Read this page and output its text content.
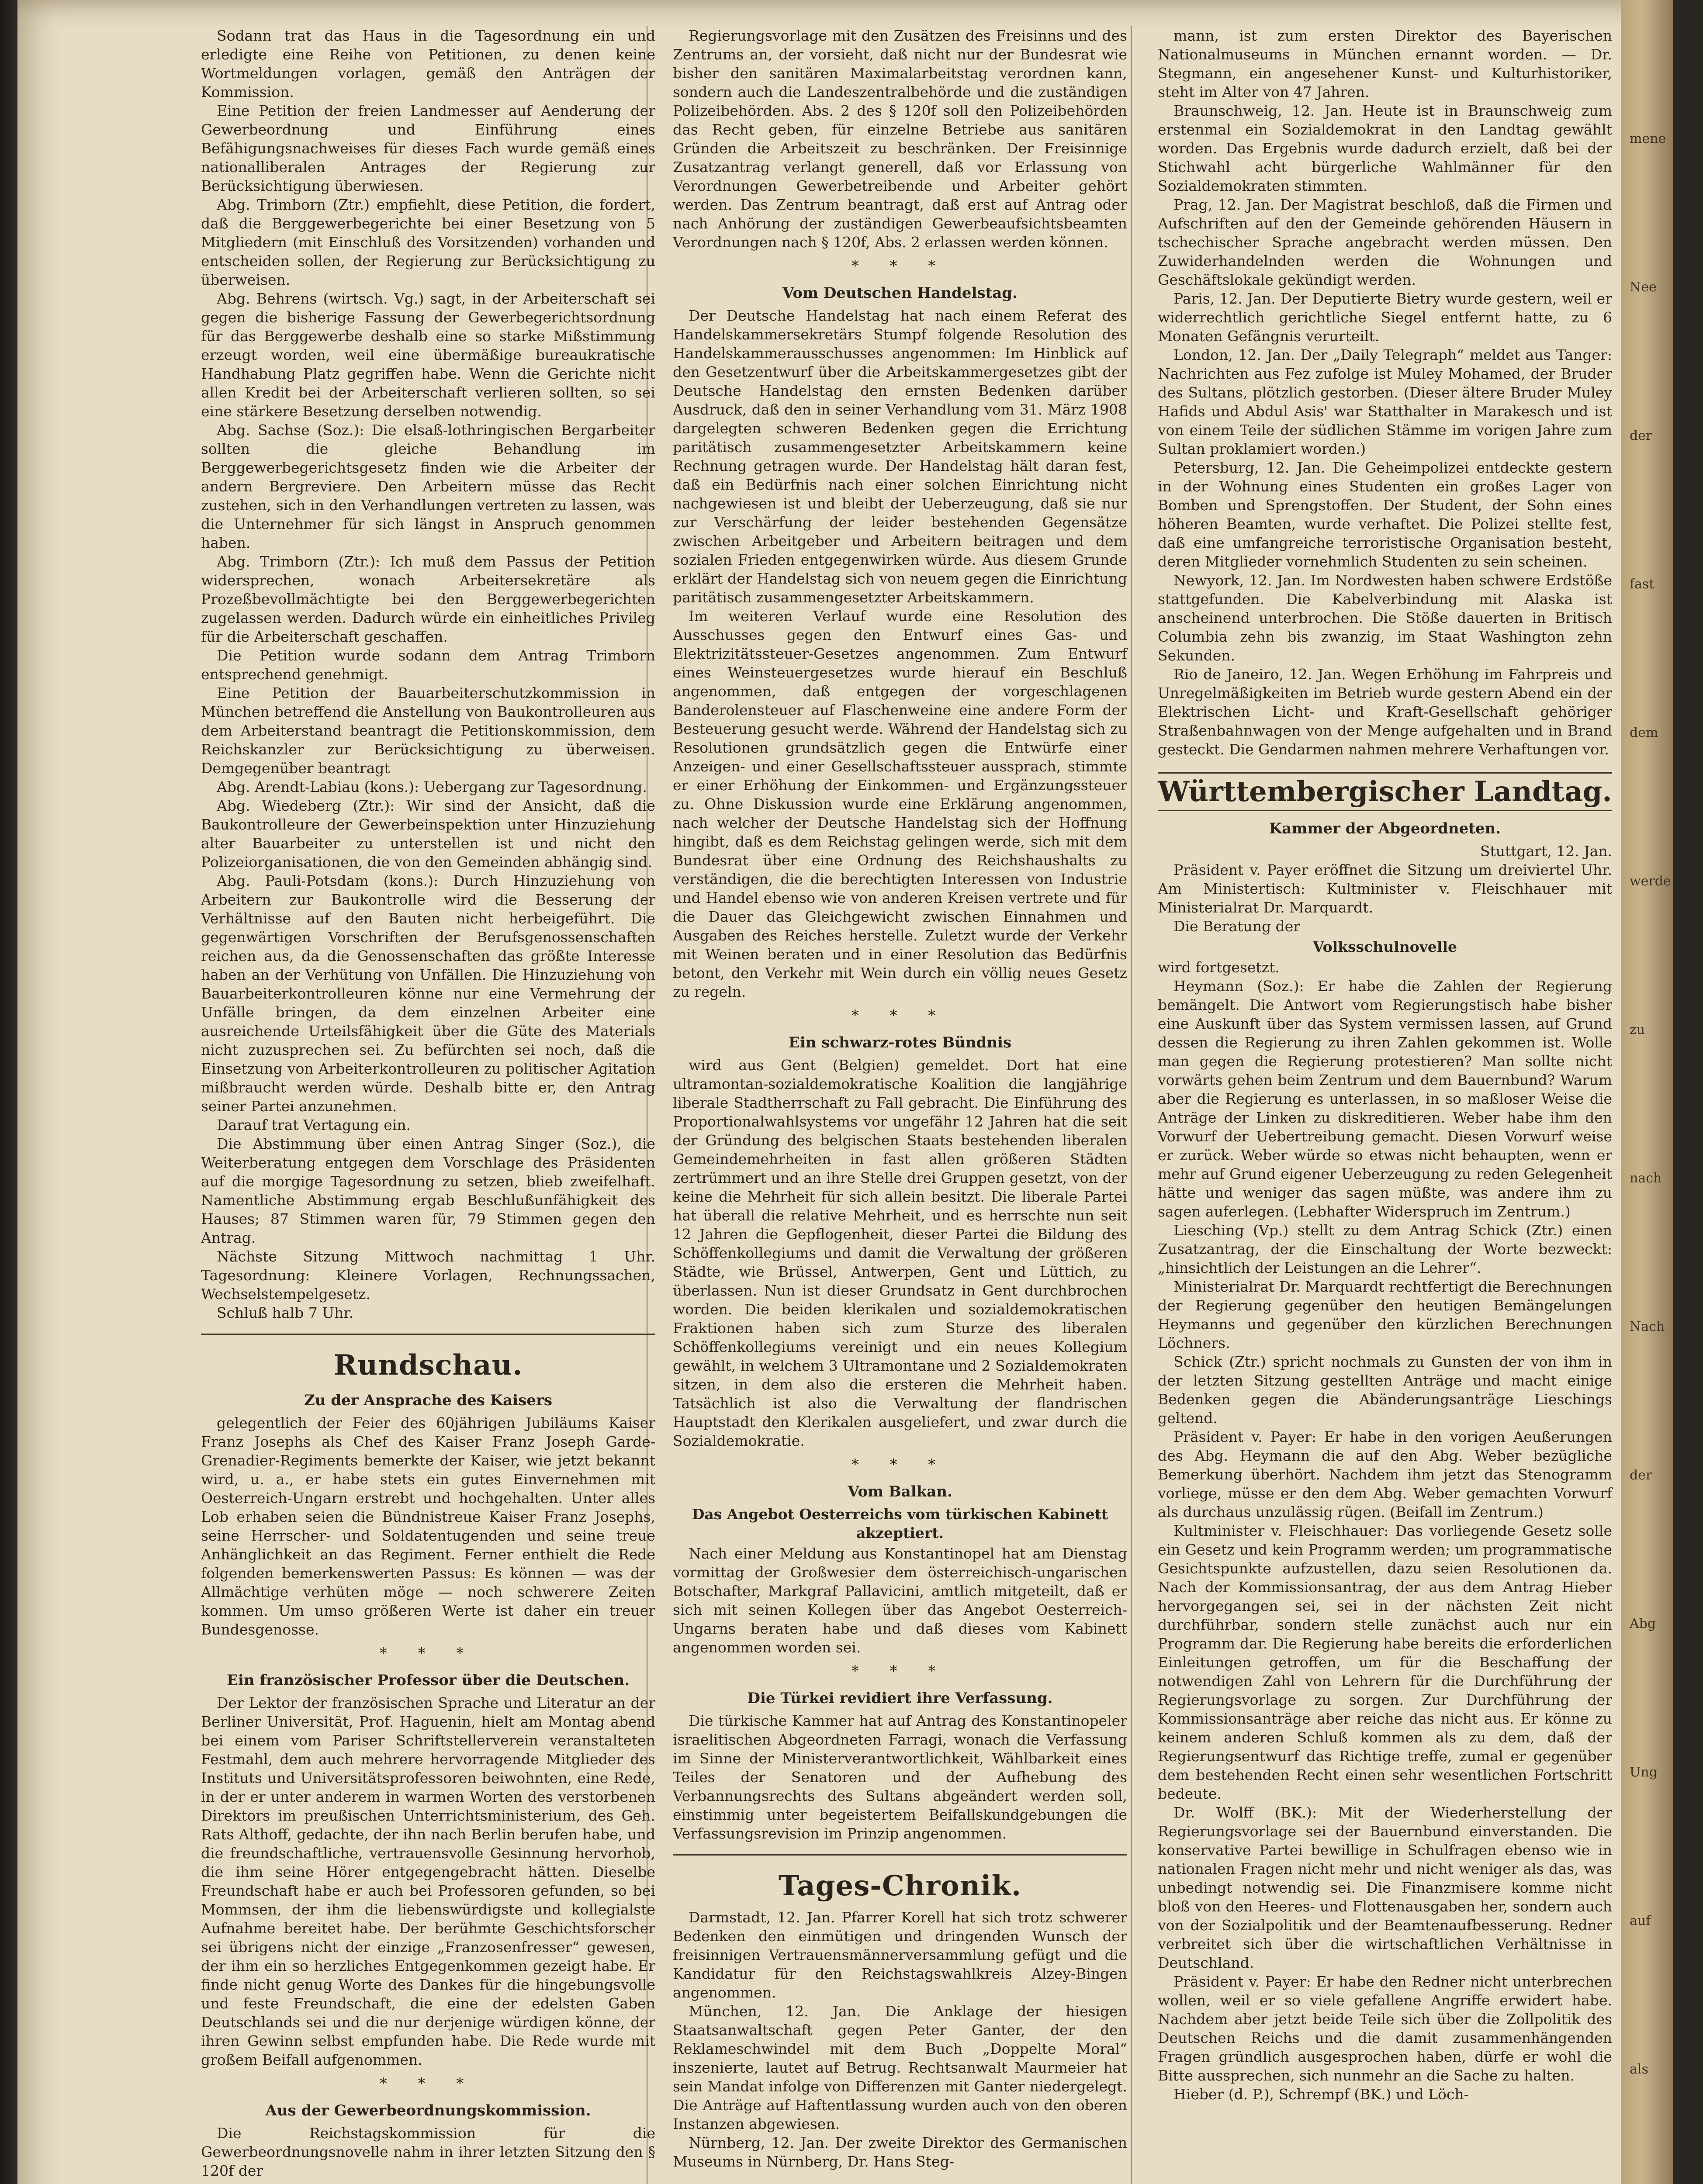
Sodann trat das Haus in die Tagesordnung ein und erledigte eine Reihe von Petitionen, zu denen keine Wortmeldungen vorlagen, gemäß den Anträgen der Kommission.

Eine Petition der freien Landmesser auf Aenderung der Gewerbeordnung und Einführung eines Befähigungsnachweises für dieses Fach wurde gemäß eines nationalliberalen Antrages der Regierung zur Berücksichtigung überwiesen.

Abg. Trimborn (Ztr.) empfiehlt, diese Petition, die fordert, daß die Berggewerbegerichte bei einer Besetzung von 5 Mitgliedern (mit Einschluß des Vorsitzenden) vorhanden und entscheiden sollen, der Regierung zur Berücksichtigung zu überweisen.

Abg. Behrens (wirtsch. Vg.) sagt, in der Arbeiterschaft sei gegen die bisherige Fassung der Gewerbegerichtsordnung für das Berggewerbe deshalb eine so starke Mißstimmung erzeugt worden, weil eine übermäßige bureaukratische Handhabung Platz gegriffen habe. Wenn die Gerichte nicht allen Kredit bei der Arbeiterschaft verlieren sollten, so sei eine stärkere Besetzung derselben notwendig.

Abg. Sachse (Soz.): Die elsaß-lothringischen Bergarbeiter sollten die gleiche Behandlung im Berggewerbegerichtsgesetz finden wie die Arbeiter der andern Bergreviere. Den Arbeitern müsse das Recht zustehen, sich in den Verhandlungen vertreten zu lassen, was die Unternehmer für sich längst in Anspruch genommen haben.

Abg. Trimborn (Ztr.): Ich muß dem Passus der Petition widersprechen, wonach Arbeitersekretäre als Prozeßbevollmächtigte bei den Berggewerbegerichten zugelassen werden. Dadurch würde ein einheitliches Privileg für die Arbeiterschaft geschaffen.

Die Petition wurde sodann dem Antrag Trimborn entsprechend genehmigt.

Eine Petition der Bauarbeiterschutzkommission in München betreffend die Anstellung von Baukontrolleuren aus dem Arbeiterstand beantragt die Petitionskommission, dem Reichskanzler zur Berücksichtigung zu überweisen. Demgegenüber beantragt

Abg. Arendt-Labiau (kons.): Uebergang zur Tagesordnung.

Abg. Wiedeberg (Ztr.): Wir sind der Ansicht, daß die Baukontrolleure der Gewerbeinspektion unter Hinzuziehung alter Bauarbeiter zu unterstellen ist und nicht den Polizeiorganisationen, die von den Gemeinden abhängig sind.

Abg. Pauli-Potsdam (kons.): Durch Hinzuziehung von Arbeitern zur Baukontrolle wird die Besserung der Verhältnisse auf den Bauten nicht herbeigeführt. Die gegenwärtigen Vorschriften der Berufsgenossenschaften reichen aus, da die Genossenschaften das größte Interesse haben an der Verhütung von Unfällen. Die Hinzuziehung von Bauarbeiterkontrolleuren könne nur eine Vermehrung der Unfälle bringen, da dem einzelnen Arbeiter eine ausreichende Urteilsfähigkeit über die Güte des Materials nicht zuzusprechen sei. Zu befürchten sei noch, daß die Einsetzung von Arbeiterkontrolleuren zu politischer Agitation mißbraucht werden würde. Deshalb bitte er, den Antrag seiner Partei anzunehmen.

Darauf trat Vertagung ein.

Die Abstimmung über einen Antrag Singer (Soz.), die Weiterberatung entgegen dem Vorschlage des Präsidenten auf die morgige Tagesordnung zu setzen, blieb zweifelhaft. Namentliche Abstimmung ergab Beschlußunfähigkeit des Hauses; 87 Stimmen waren für, 79 Stimmen gegen den Antrag.

Nächste Sitzung Mittwoch nachmittag 1 Uhr. Tagesordnung: Kleinere Vorlagen, Rechnungssachen, Wechselstempelgesetz.

Schluß halb 7 Uhr.

Rundschau.
Zu der Ansprache des Kaisers

gelegentlich der Feier des 60jährigen Jubiläums Kaiser Franz Josephs als Chef des Kaiser Franz Joseph Garde-Grenadier-Regiments bemerkte der Kaiser, wie jetzt bekannt wird, u. a., er habe stets ein gutes Einvernehmen mit Oesterreich-Ungarn erstrebt und hochgehalten. Unter alles Lob erhaben seien die Bündnistreue Kaiser Franz Josephs, seine Herrscher- und Soldatentugenden und seine treue Anhänglichkeit an das Regiment. Ferner enthielt die Rede folgenden bemerkenswerten Passus: Es können — was der Allmächtige verhüten möge — noch schwerere Zeiten kommen. Um umso größeren Werte ist daher ein treuer Bundesgenosse.

* * *
Ein französischer Professor über die Deutschen.

Der Lektor der französischen Sprache und Literatur an der Berliner Universität, Prof. Haguenin, hielt am Montag abend bei einem vom Pariser Schriftstellerverein veranstalteten Festmahl, dem auch mehrere hervorragende Mitglieder des Instituts und Universitätsprofessoren beiwohnten, eine Rede, in der er unter anderem in warmen Worten des verstorbenen Direktors im preußischen Unterrichtsministerium, des Geh. Rats Althoff, gedachte, der ihn nach Berlin berufen habe, und die freundschaftliche, vertrauensvolle Gesinnung hervorhob, die ihm seine Hörer entgegengebracht hätten. Dieselbe Freundschaft habe er auch bei Professoren gefunden, so bei Mommsen, der ihm die liebenswürdigste und kollegialste Aufnahme bereitet habe. Der berühmte Geschichtsforscher sei übrigens nicht der einzige „Franzosenfresser“ gewesen, der ihm ein so herzliches Entgegenkommen gezeigt habe. Er finde nicht genug Worte des Dankes für die hingebungsvolle und feste Freundschaft, die eine der edelsten Gaben Deutschlands sei und die nur derjenige würdigen könne, der ihren Gewinn selbst empfunden habe. Die Rede wurde mit großem Beifall aufgenommen.

* * *
Aus der Gewerbeordnungskommission.

Die Reichstagskommission für die Gewerbeordnungsnovelle nahm in ihrer letzten Sitzung den § 120f der

Regierungsvorlage mit den Zusätzen des Freisinns und des Zentrums an, der vorsieht, daß nicht nur der Bundesrat wie bisher den sanitären Maximalarbeitstag verordnen kann, sondern auch die Landeszentralbehörde und die zuständigen Polizeibehörden. Abs. 2 des § 120f soll den Polizeibehörden das Recht geben, für einzelne Betriebe aus sanitären Gründen die Arbeitszeit zu beschränken. Der Freisinnige Zusatzantrag verlangt generell, daß vor Erlassung von Verordnungen Gewerbetreibende und Arbeiter gehört werden. Das Zentrum beantragt, daß erst auf Antrag oder nach Anhörung der zuständigen Gewerbeaufsichtsbeamten Verordnungen nach § 120f, Abs. 2 erlassen werden können.

* * *
Vom Deutschen Handelstag.

Der Deutsche Handelstag hat nach einem Referat des Handelskammersekretärs Stumpf folgende Resolution des Handelskammerausschusses angenommen: Im Hinblick auf den Gesetzentwurf über die Arbeitskammergesetzes gibt der Deutsche Handelstag den ernsten Bedenken darüber Ausdruck, daß den in seiner Verhandlung vom 31. März 1908 dargelegten schweren Bedenken gegen die Errichtung paritätisch zusammengesetzter Arbeitskammern keine Rechnung getragen wurde. Der Handelstag hält daran fest, daß ein Bedürfnis nach einer solchen Einrichtung nicht nachgewiesen ist und bleibt der Ueberzeugung, daß sie nur zur Verschärfung der leider bestehenden Gegensätze zwischen Arbeitgeber und Arbeitern beitragen und dem sozialen Frieden entgegenwirken würde. Aus diesem Grunde erklärt der Handelstag sich von neuem gegen die Einrichtung paritätisch zusammengesetzter Arbeitskammern.

Im weiteren Verlauf wurde eine Resolution des Ausschusses gegen den Entwurf eines Gas- und Elektrizitätssteuer-Gesetzes angenommen. Zum Entwurf eines Weinsteuergesetzes wurde hierauf ein Beschluß angenommen, daß entgegen der vorgeschlagenen Banderolensteuer auf Flaschenweine eine andere Form der Besteuerung gesucht werde. Während der Handelstag sich zu Resolutionen grundsätzlich gegen die Entwürfe einer Anzeigen- und einer Gesellschaftssteuer aussprach, stimmte er einer Erhöhung der Einkommen- und Ergänzungssteuer zu. Ohne Diskussion wurde eine Erklärung angenommen, nach welcher der Deutsche Handelstag sich der Hoffnung hingibt, daß es dem Reichstag gelingen werde, sich mit dem Bundesrat über eine Ordnung des Reichshaushalts zu verständigen, die die berechtigten Interessen von Industrie und Handel ebenso wie von anderen Kreisen vertrete und für die Dauer das Gleichgewicht zwischen Einnahmen und Ausgaben des Reiches herstelle. Zuletzt wurde der Verkehr mit Weinen beraten und in einer Resolution das Bedürfnis betont, den Verkehr mit Wein durch ein völlig neues Gesetz zu regeln.

* * *
Ein schwarz-rotes Bündnis

wird aus Gent (Belgien) gemeldet. Dort hat eine ultramontan-sozialdemokratische Koalition die langjährige liberale Stadtherrschaft zu Fall gebracht. Die Einführung des Proportionalwahlsystems vor ungefähr 12 Jahren hat die seit der Gründung des belgischen Staats bestehenden liberalen Gemeindemehrheiten in fast allen größeren Städten zertrümmert und an ihre Stelle drei Gruppen gesetzt, von der keine die Mehrheit für sich allein besitzt. Die liberale Partei hat überall die relative Mehrheit, und es herrschte nun seit 12 Jahren die Gepflogenheit, dieser Partei die Bildung des Schöffenkollegiums und damit die Verwaltung der größeren Städte, wie Brüssel, Antwerpen, Gent und Lüttich, zu überlassen. Nun ist dieser Grundsatz in Gent durchbrochen worden. Die beiden klerikalen und sozialdemokratischen Fraktionen haben sich zum Sturze des liberalen Schöffenkollegiums vereinigt und ein neues Kollegium gewählt, in welchem 3 Ultramontane und 2 Sozialdemokraten sitzen, in dem also die ersteren die Mehrheit haben. Tatsächlich ist also die Verwaltung der flandrischen Hauptstadt den Klerikalen ausgeliefert, und zwar durch die Sozialdemokratie.

* * *
Vom Balkan.
Das Angebot Oesterreichs vom türkischen Kabinett akzeptiert.

Nach einer Meldung aus Konstantinopel hat am Dienstag vormittag der Großwesier dem österreichisch-ungarischen Botschafter, Markgraf Pallavicini, amtlich mitgeteilt, daß er sich mit seinen Kollegen über das Angebot Oesterreich-Ungarns beraten habe und daß dieses vom Kabinett angenommen worden sei.

* * *
Die Türkei revidiert ihre Verfassung.

Die türkische Kammer hat auf Antrag des Konstantinopeler israelitischen Abgeordneten Farragi, wonach die Verfassung im Sinne der Ministerverantwortlichkeit, Wählbarkeit eines Teiles der Senatoren und der Aufhebung des Verbannungsrechts des Sultans abgeändert werden soll, einstimmig unter begeistertem Beifallskundgebungen die Verfassungsrevision im Prinzip angenommen.

Tages-Chronik.

Darmstadt, 12. Jan. Pfarrer Korell hat sich trotz schwerer Bedenken den einmütigen und dringenden Wunsch der freisinnigen Vertrauensmännerversammlung gefügt und die Kandidatur für den Reichstagswahlkreis Alzey-Bingen angenommen.

München, 12. Jan. Die Anklage der hiesigen Staatsanwaltschaft gegen Peter Ganter, der den Reklameschwindel mit dem Buch „Doppelte Moral“ inszenierte, lautet auf Betrug. Rechtsanwalt Maurmeier hat sein Mandat infolge von Differenzen mit Ganter niedergelegt. Die Anträge auf Haftentlassung wurden auch von den oberen Instanzen abgewiesen.

Nürnberg, 12. Jan. Der zweite Direktor des Germanischen Museums in Nürnberg, Dr. Hans Steg-

mann, ist zum ersten Direktor des Bayerischen Nationalmuseums in München ernannt worden. — Dr. Stegmann, ein angesehener Kunst- und Kulturhistoriker, steht im Alter von 47 Jahren.

Braunschweig, 12. Jan. Heute ist in Braunschweig zum erstenmal ein Sozialdemokrat in den Landtag gewählt worden. Das Ergebnis wurde dadurch erzielt, daß bei der Stichwahl acht bürgerliche Wahlmänner für den Sozialdemokraten stimmten.

Prag, 12. Jan. Der Magistrat beschloß, daß die Firmen und Aufschriften auf den der Gemeinde gehörenden Häusern in tschechischer Sprache angebracht werden müssen. Den Zuwiderhandelnden werden die Wohnungen und Geschäftslokale gekündigt werden.

Paris, 12. Jan. Der Deputierte Bietry wurde gestern, weil er widerrechtlich gerichtliche Siegel entfernt hatte, zu 6 Monaten Gefängnis verurteilt.

London, 12. Jan. Der „Daily Telegraph“ meldet aus Tanger: Nachrichten aus Fez zufolge ist Muley Mohamed, der Bruder des Sultans, plötzlich gestorben. (Dieser ältere Bruder Muley Hafids und Abdul Asis' war Statthalter in Marakesch und ist von einem Teile der südlichen Stämme im vorigen Jahre zum Sultan proklamiert worden.)

Petersburg, 12. Jan. Die Geheimpolizei entdeckte gestern in der Wohnung eines Studenten ein großes Lager von Bomben und Sprengstoffen. Der Student, der Sohn eines höheren Beamten, wurde verhaftet. Die Polizei stellte fest, daß eine umfangreiche terroristische Organisation besteht, deren Mitglieder vornehmlich Studenten zu sein scheinen.

Newyork, 12. Jan. Im Nordwesten haben schwere Erdstöße stattgefunden. Die Kabelverbindung mit Alaska ist anscheinend unterbrochen. Die Stöße dauerten in Britisch Columbia zehn bis zwanzig, im Staat Washington zehn Sekunden.

Rio de Janeiro, 12. Jan. Wegen Erhöhung im Fahrpreis und Unregelmäßigkeiten im Betrieb wurde gestern Abend ein der Elektrischen Licht- und Kraft-Gesellschaft gehöriger Straßenbahnwagen von der Menge aufgehalten und in Brand gesteckt. Die Gendarmen nahmen mehrere Verhaftungen vor.

Württembergischer Landtag.
Kammer der Abgeordneten.
Stuttgart, 12. Jan.

Präsident v. Payer eröffnet die Sitzung um dreiviertel Uhr. Am Ministertisch: Kultminister v. Fleischhauer mit Ministerialrat Dr. Marquardt.

Die Beratung der

Volksschulnovelle

wird fortgesetzt.

Heymann (Soz.): Er habe die Zahlen der Regierung bemängelt. Die Antwort vom Regierungstisch habe bisher eine Auskunft über das System vermissen lassen, auf Grund dessen die Regierung zu ihren Zahlen gekommen ist. Wolle man gegen die Regierung protestieren? Man sollte nicht vorwärts gehen beim Zentrum und dem Bauernbund? Warum aber die Regierung es unterlassen, in so maßloser Weise die Anträge der Linken zu diskreditieren. Weber habe ihm den Vorwurf der Uebertreibung gemacht. Diesen Vorwurf weise er zurück. Weber würde so etwas nicht behaupten, wenn er mehr auf Grund eigener Ueberzeugung zu reden Gelegenheit hätte und weniger das sagen müßte, was andere ihm zu sagen auferlegen. (Lebhafter Widerspruch im Zentrum.)

Liesching (Vp.) stellt zu dem Antrag Schick (Ztr.) einen Zusatzantrag, der die Einschaltung der Worte bezweckt: „hinsichtlich der Leistungen an die Lehrer“.

Ministerialrat Dr. Marquardt rechtfertigt die Berechnungen der Regierung gegenüber den heutigen Bemängelungen Heymanns und gegenüber den kürzlichen Berechnungen Löchners.

Schick (Ztr.) spricht nochmals zu Gunsten der von ihm in der letzten Sitzung gestellten Anträge und macht einige Bedenken gegen die Abänderungsanträge Lieschings geltend.

Präsident v. Payer: Er habe in den vorigen Aeußerungen des Abg. Heymann die auf den Abg. Weber bezügliche Bemerkung überhört. Nachdem ihm jetzt das Stenogramm vorliege, müsse er den dem Abg. Weber gemachten Vorwurf als durchaus unzulässig rügen. (Beifall im Zentrum.)

Kultminister v. Fleischhauer: Das vorliegende Gesetz solle ein Gesetz und kein Programm werden; um programmatische Gesichtspunkte aufzustellen, dazu seien Resolutionen da. Nach der Kommissionsantrag, der aus dem Antrag Hieber hervorgegangen sei, sei in der nächsten Zeit nicht durchführbar, sondern stelle zunächst auch nur ein Programm dar. Die Regierung habe bereits die erforderlichen Einleitungen getroffen, um für die Beschaffung der notwendigen Zahl von Lehrern für die Durchführung der Regierungsvorlage zu sorgen. Zur Durchführung der Kommissionsanträge aber reiche das nicht aus. Er könne zu keinem anderen Schluß kommen als zu dem, daß der Regierungsentwurf das Richtige treffe, zumal er gegenüber dem bestehenden Recht einen sehr wesentlichen Fortschritt bedeute.

Dr. Wolff (BK.): Mit der Wiederherstellung der Regierungsvorlage sei der Bauernbund einverstanden. Die konservative Partei bewillige in Schulfragen ebenso wie in nationalen Fragen nicht mehr und nicht weniger als das, was unbedingt notwendig sei. Die Finanzmisere komme nicht bloß von den Heeres- und Flottenausgaben her, sondern auch von der Sozialpolitik und der Beamtenaufbesserung. Redner verbreitet sich über die wirtschaftlichen Verhältnisse in Deutschland.

Präsident v. Payer: Er habe den Redner nicht unterbrechen wollen, weil er so viele gefallene Angriffe erwidert habe. Nachdem aber jetzt beide Teile sich über die Zollpolitik des Deutschen Reichs und die damit zusammenhängenden Fragen gründlich ausgesprochen haben, dürfe er wohl die Bitte aussprechen, sich nunmehr an die Sache zu halten.

Hieber (d. P.), Schrempf (BK.) und Löch-

mene
Nee
der
fast
dem
werde
zu
nach
Nach
der
Abg
Ung
auf
als
